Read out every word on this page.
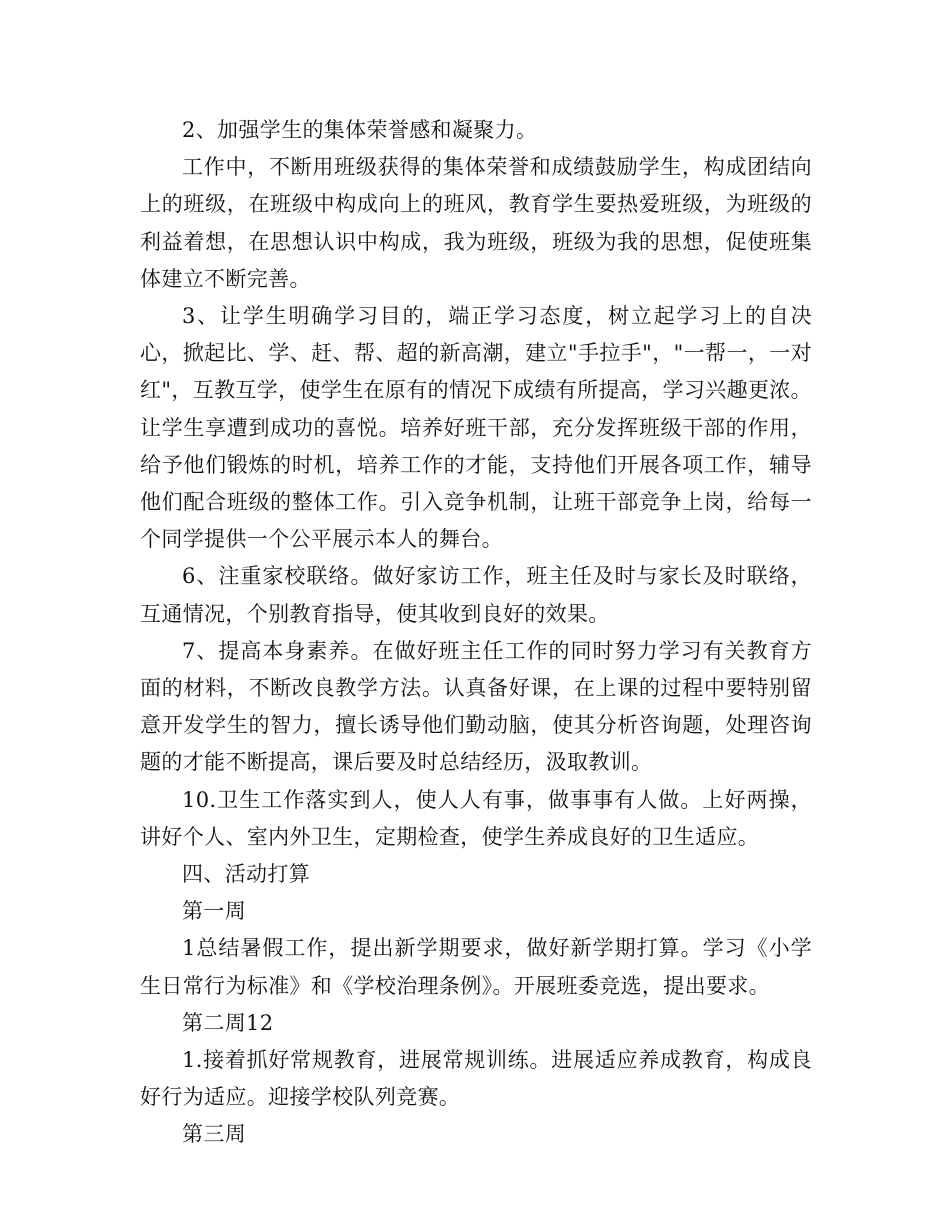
2、加强学生的集体荣誉感和凝聚力。

工作中，不断用班级获得的集体荣誉和成绩鼓励学生，构成团结向上的班级，在班级中构成向上的班风，教育学生要热爱班级，为班级的利益着想，在思想认识中构成，我为班级，班级为我的思想，促使班集体建立不断完善。

3、让学生明确学习目的，端正学习态度，树立起学习上的自决心，掀起比、学、赶、帮、超的新高潮，建立"手拉手"，"一帮一，一对红"，互教互学，使学生在原有的情况下成绩有所提高，学习兴趣更浓。让学生享遭到成功的喜悦。培养好班干部，充分发挥班级干部的作用，给予他们锻炼的时机，培养工作的才能，支持他们开展各项工作，辅导他们配合班级的整体工作。引入竞争机制，让班干部竞争上岗，给每一个同学提供一个公平展示本人的舞台。

6、注重家校联络。做好家访工作，班主任及时与家长及时联络，互通情况，个别教育指导，使其收到良好的效果。

7、提高本身素养。在做好班主任工作的同时努力学习有关教育方面的材料，不断改良教学方法。认真备好课，在上课的过程中要特别留意开发学生的智力，擅长诱导他们勤动脑，使其分析咨询题，处理咨询题的才能不断提高，课后要及时总结经历，汲取教训。

10.卫生工作落实到人，使人人有事，做事事有人做。上好两操，讲好个人、室内外卫生，定期检查，使学生养成良好的卫生适应。

四、活动打算

第一周

1总结暑假工作，提出新学期要求，做好新学期打算。学习《小学生日常行为标准》和《学校治理条例》。开展班委竞选，提出要求。

第二周12

1.接着抓好常规教育，进展常规训练。进展适应养成教育，构成良好行为适应。迎接学校队列竞赛。

第三周
